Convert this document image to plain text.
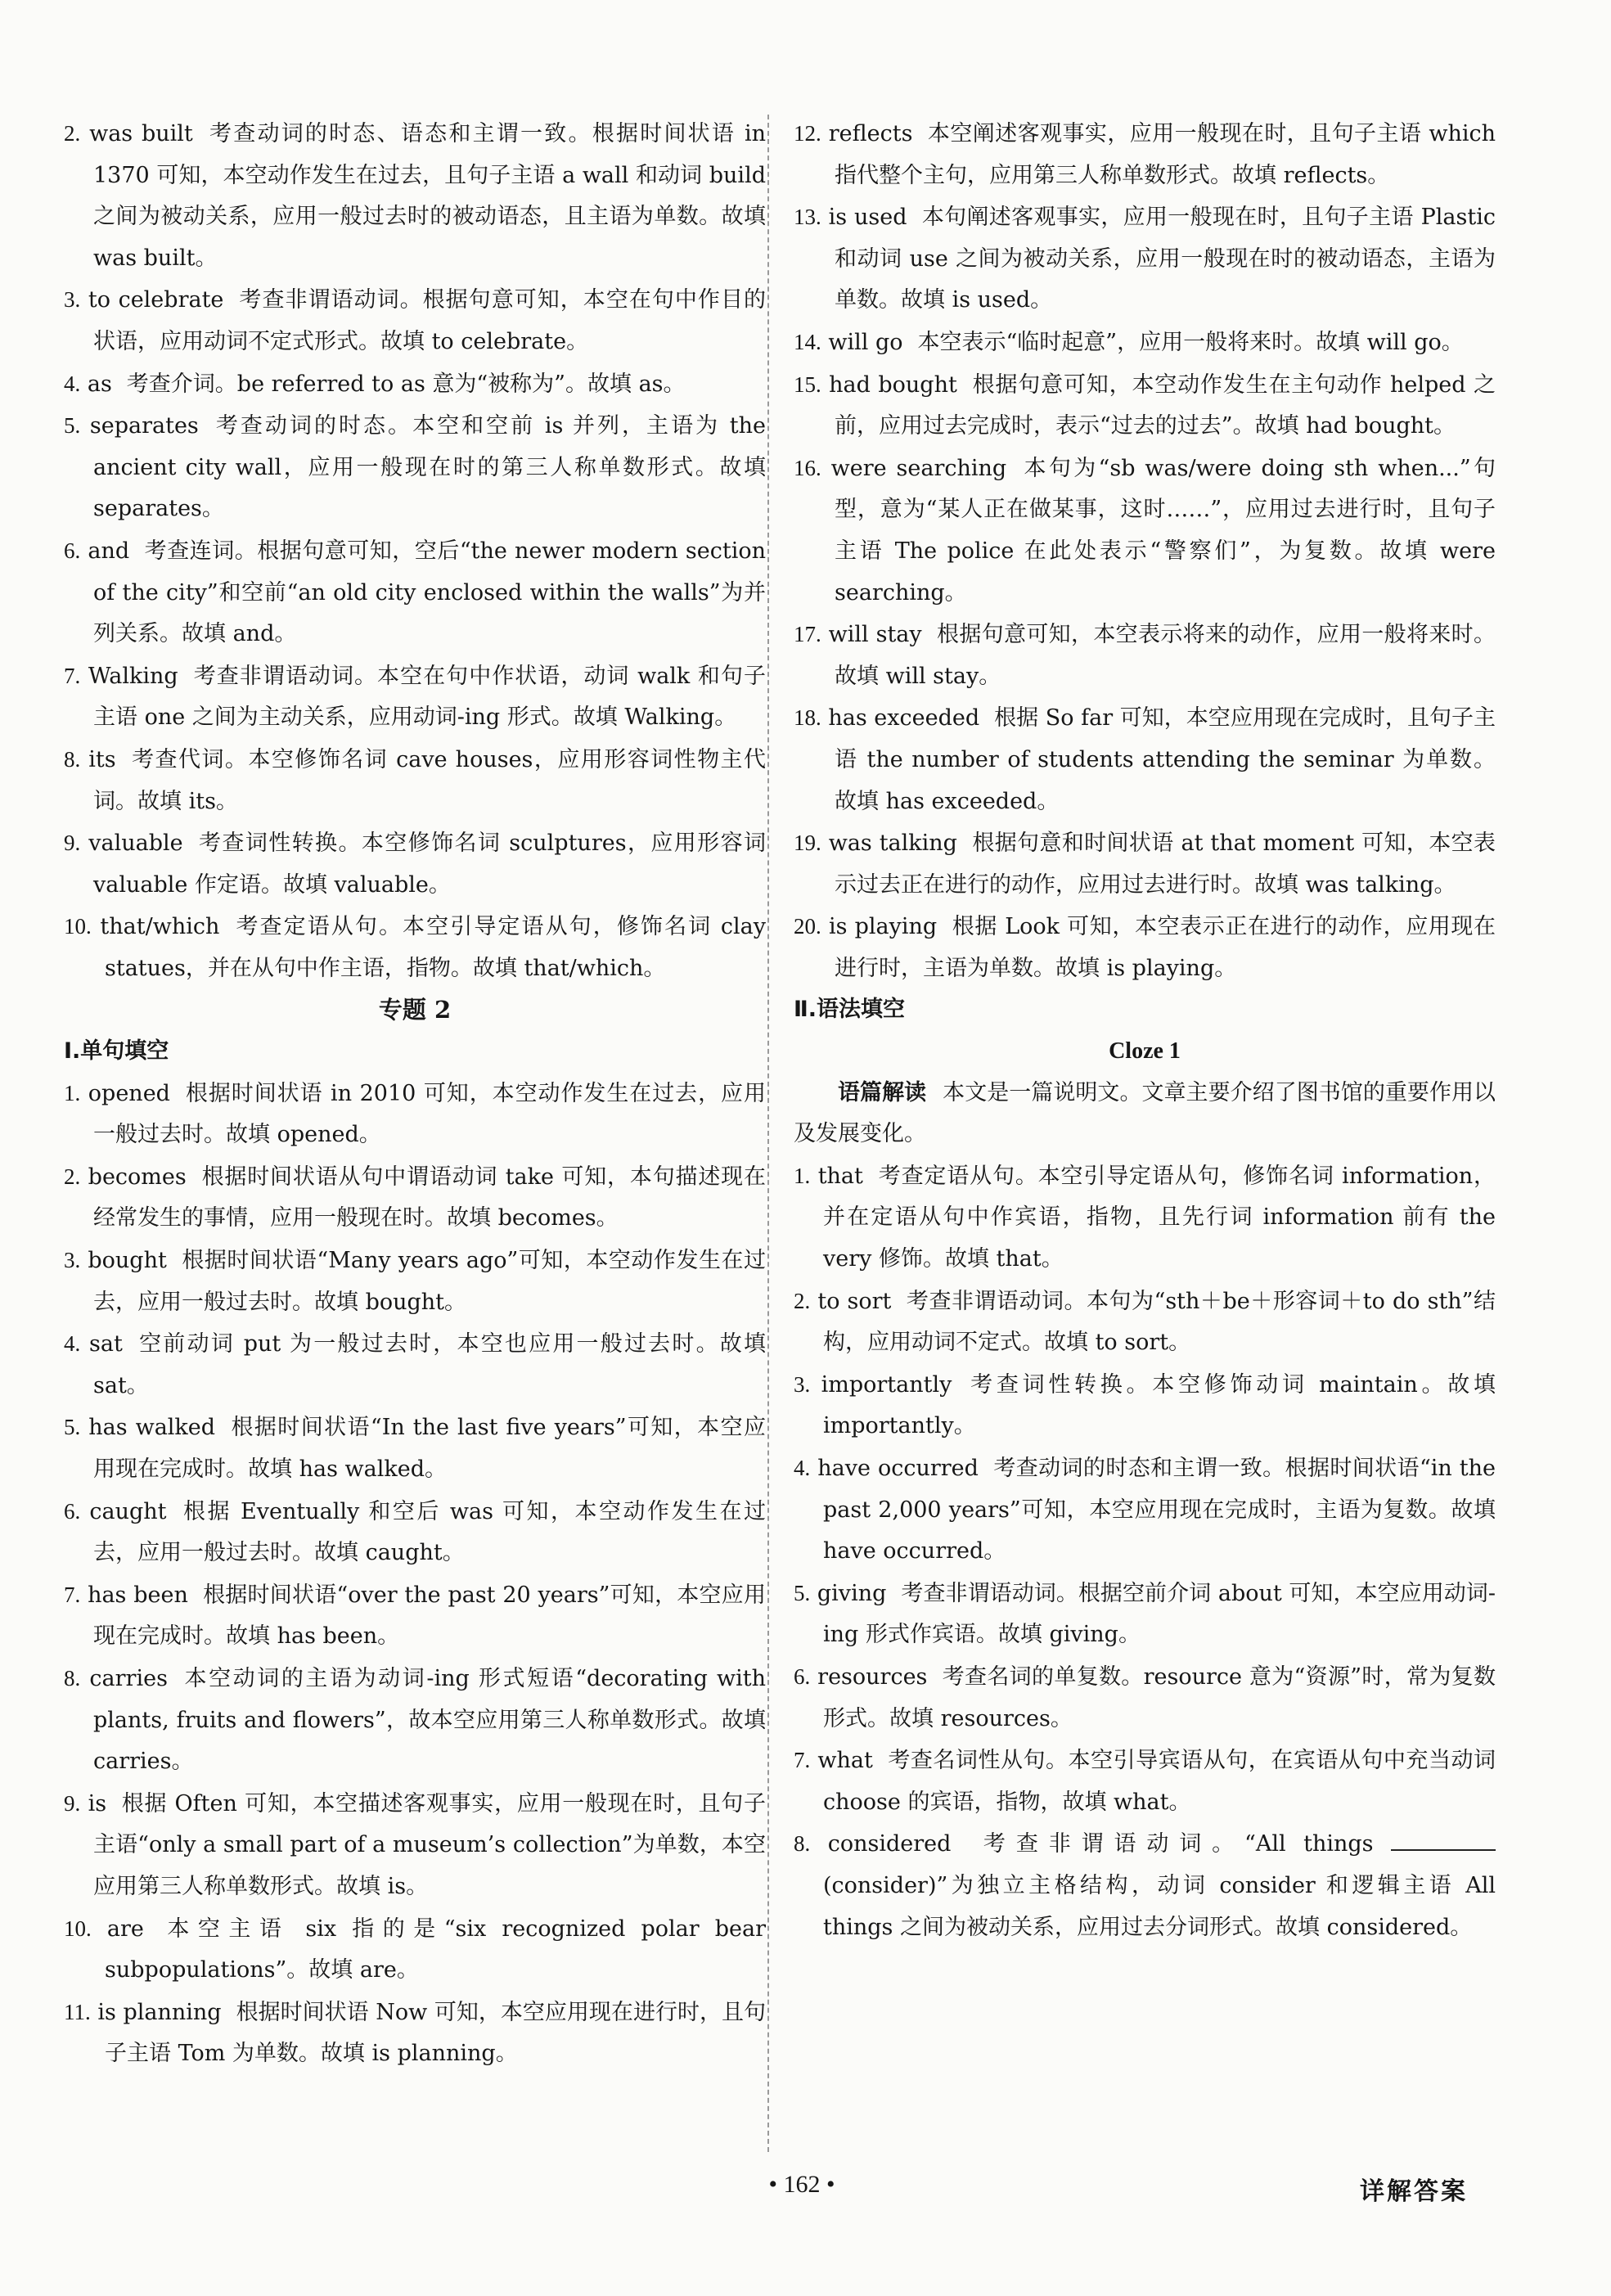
2. was built 考查动词的时态、语态和主谓一致。根据时间状语 in 1370 可知，本空动作发生在过去，且句子主语 a wall 和动词 build 之间为被动关系，应用一般过去时的被动语态，且主语为单数。故填 was built。
3. to celebrate 考查非谓语动词。根据句意可知，本空在句中作目的状语，应用动词不定式形式。故填 to celebrate。
4. as 考查介词。be referred to as 意为“被称为”。故填 as。
5. separates 考查动词的时态。本空和空前 is 并列，主语为 the ancient city wall，应用一般现在时的第三人称单数形式。故填 separates。
6. and 考查连词。根据句意可知，空后“the newer modern section of the city”和空前“an old city enclosed within the walls”为并列关系。故填 and。
7. Walking 考查非谓语动词。本空在句中作状语，动词 walk 和句子主语 one 之间为主动关系，应用动词-ing 形式。故填 Walking。
8. its 考查代词。本空修饰名词 cave houses，应用形容词性物主代词。故填 its。
9. valuable 考查词性转换。本空修饰名词 sculptures，应用形容词 valuable 作定语。故填 valuable。
10. that/which 考查定语从句。本空引导定语从句，修饰名词 clay statues，并在从句中作主语，指物。故填 that/which。
专题 2
Ⅰ.单句填空
1. opened 根据时间状语 in 2010 可知，本空动作发生在过去，应用一般过去时。故填 opened。
2. becomes 根据时间状语从句中谓语动词 take 可知，本句描述现在经常发生的事情，应用一般现在时。故填 becomes。
3. bought 根据时间状语“Many years ago”可知，本空动作发生在过去，应用一般过去时。故填 bought。
4. sat 空前动词 put 为一般过去时，本空也应用一般过去时。故填 sat。
5. has walked 根据时间状语“In the last five years”可知，本空应用现在完成时。故填 has walked。
6. caught 根据 Eventually 和空后 was 可知，本空动作发生在过去，应用一般过去时。故填 caught。
7. has been 根据时间状语“over the past 20 years”可知，本空应用现在完成时。故填 has been。
8. carries 本空动词的主语为动词-ing 形式短语“decorating with plants, fruits and flowers”，故本空应用第三人称单数形式。故填 carries。
9. is 根据 Often 可知，本空描述客观事实，应用一般现在时，且句子主语“only a small part of a museum’s collection”为单数，本空应用第三人称单数形式。故填 is。
10. are 本空主语 six 指的是“six recognized polar bear subpopulations”。故填 are。
11. is planning 根据时间状语 Now 可知，本空应用现在进行时，且句子主语 Tom 为单数。故填 is planning。
12. reflects 本空阐述客观事实，应用一般现在时，且句子主语 which 指代整个主句，应用第三人称单数形式。故填 reflects。
13. is used 本句阐述客观事实，应用一般现在时，且句子主语 Plastic 和动词 use 之间为被动关系，应用一般现在时的被动语态，主语为单数。故填 is used。
14. will go 本空表示“临时起意”，应用一般将来时。故填 will go。
15. had bought 根据句意可知，本空动作发生在主句动作 helped 之前，应用过去完成时，表示“过去的过去”。故填 had bought。
16. were searching 本句为“sb was/were doing sth when...”句型，意为“某人正在做某事，这时……”，应用过去进行时，且句子主语 The police 在此处表示“警察们”，为复数。故填 were searching。
17. will stay 根据句意可知，本空表示将来的动作，应用一般将来时。故填 will stay。
18. has exceeded 根据 So far 可知，本空应用现在完成时，且句子主语 the number of students attending the seminar 为单数。故填 has exceeded。
19. was talking 根据句意和时间状语 at that moment 可知，本空表示过去正在进行的动作，应用过去进行时。故填 was talking。
20. is playing 根据 Look 可知，本空表示正在进行的动作，应用现在进行时，主语为单数。故填 is playing。
Ⅱ.语法填空
Cloze 1
语篇解读 本文是一篇说明文。文章主要介绍了图书馆的重要作用以及发展变化。
1. that 考查定语从句。本空引导定语从句，修饰名词 information，并在定语从句中作宾语，指物，且先行词 information 前有 the very 修饰。故填 that。
2. to sort 考查非谓语动词。本句为“sth＋be＋形容词＋to do sth”结构，应用动词不定式。故填 to sort。
3. importantly 考查词性转换。本空修饰动词 maintain。故填 importantly。
4. have occurred 考查动词的时态和主谓一致。根据时间状语“in the past 2,000 years”可知，本空应用现在完成时，主语为复数。故填 have occurred。
5. giving 考查非谓语动词。根据空前介词 about 可知，本空应用动词-ing 形式作宾语。故填 giving。
6. resources 考查名词的单复数。resource 意为“资源”时，常为复数形式。故填 resources。
7. what 考查名词性从句。本空引导宾语从句，在宾语从句中充当动词 choose 的宾语，指物，故填 what。
8. considered 考查非谓语动词。“All things  (consider)”为独立主格结构，动词 consider 和逻辑主语 All things 之间为被动关系，应用过去分词形式。故填 considered。
• 162 •	详解答案
